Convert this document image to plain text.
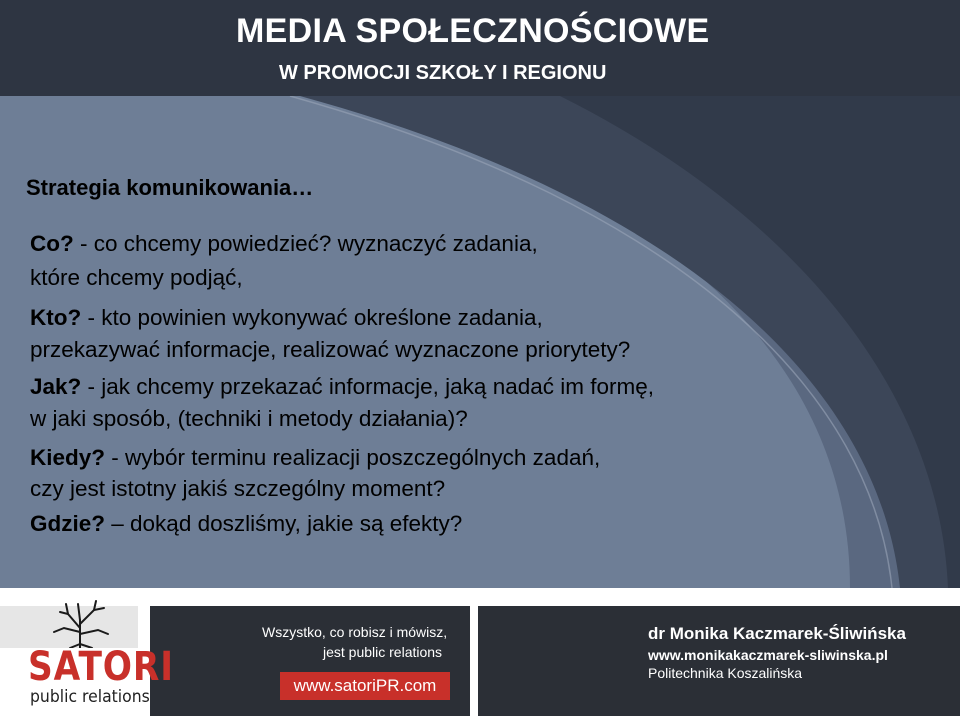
MEDIA SPOŁECZNOŚCIOWE
W PROMOCJI SZKOŁY I REGIONU
Strategia komunikowania…
Co? - co chcemy powiedzieć? wyznaczyć zadania,
które chcemy podjąć,
Kto? - kto powinien wykonywać określone zadania,
przekazywać informacje, realizować wyznaczone priorytety?
Jak? - jak chcemy przekazać informacje, jaką nadać im formę,
w jaki sposób, (techniki i metody działania)?
Kiedy? - wybór terminu realizacji poszczególnych zadań,
czy jest istotny jakiś szczególny moment?
Gdzie? – dokąd doszliśmy, jakie są efekty?
SATORI
public relations
Wszystko, co robisz i mówisz,
jest public relations
www.satoriPR.com
dr Monika Kaczmarek-Śliwińska
www.monikakaczmarek-sliwinska.pl
Politechnika Koszalińska
